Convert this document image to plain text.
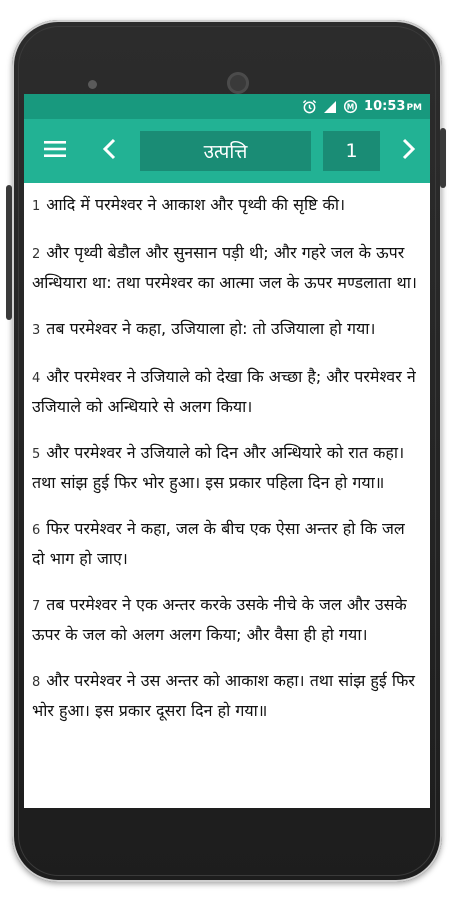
M 10:53PM
उत्पत्ति	1

1 आदि में परमेश्वर ने आकाश और पृथ्वी की सृष्टि की।

2 और पृथ्वी बेडौल और सुनसान पड़ी थी; और गहरे जल के ऊपर अन्धियारा था: तथा परमेश्वर का आत्मा जल के ऊपर मण्डलाता था।

3 तब परमेश्वर ने कहा, उजियाला हो: तो उजियाला हो गया।

4 और परमेश्वर ने उजियाले को देखा कि अच्छा है; और परमेश्वर ने उजियाले को अन्धियारे से अलग किया।

5 और परमेश्वर ने उजियाले को दिन और अन्धियारे को रात कहा। तथा सांझ हुई फिर भोर हुआ। इस प्रकार पहिला दिन हो गया॥

6 फिर परमेश्वर ने कहा, जल के बीच एक ऐसा अन्तर हो कि जल दो भाग हो जाए।

7 तब परमेश्वर ने एक अन्तर करके उसके नीचे के जल और उसके ऊपर के जल को अलग अलग किया; और वैसा ही हो गया।

8 और परमेश्वर ने उस अन्तर को आकाश कहा। तथा सांझ हुई फिर भोर हुआ। इस प्रकार दूसरा दिन हो गया॥
